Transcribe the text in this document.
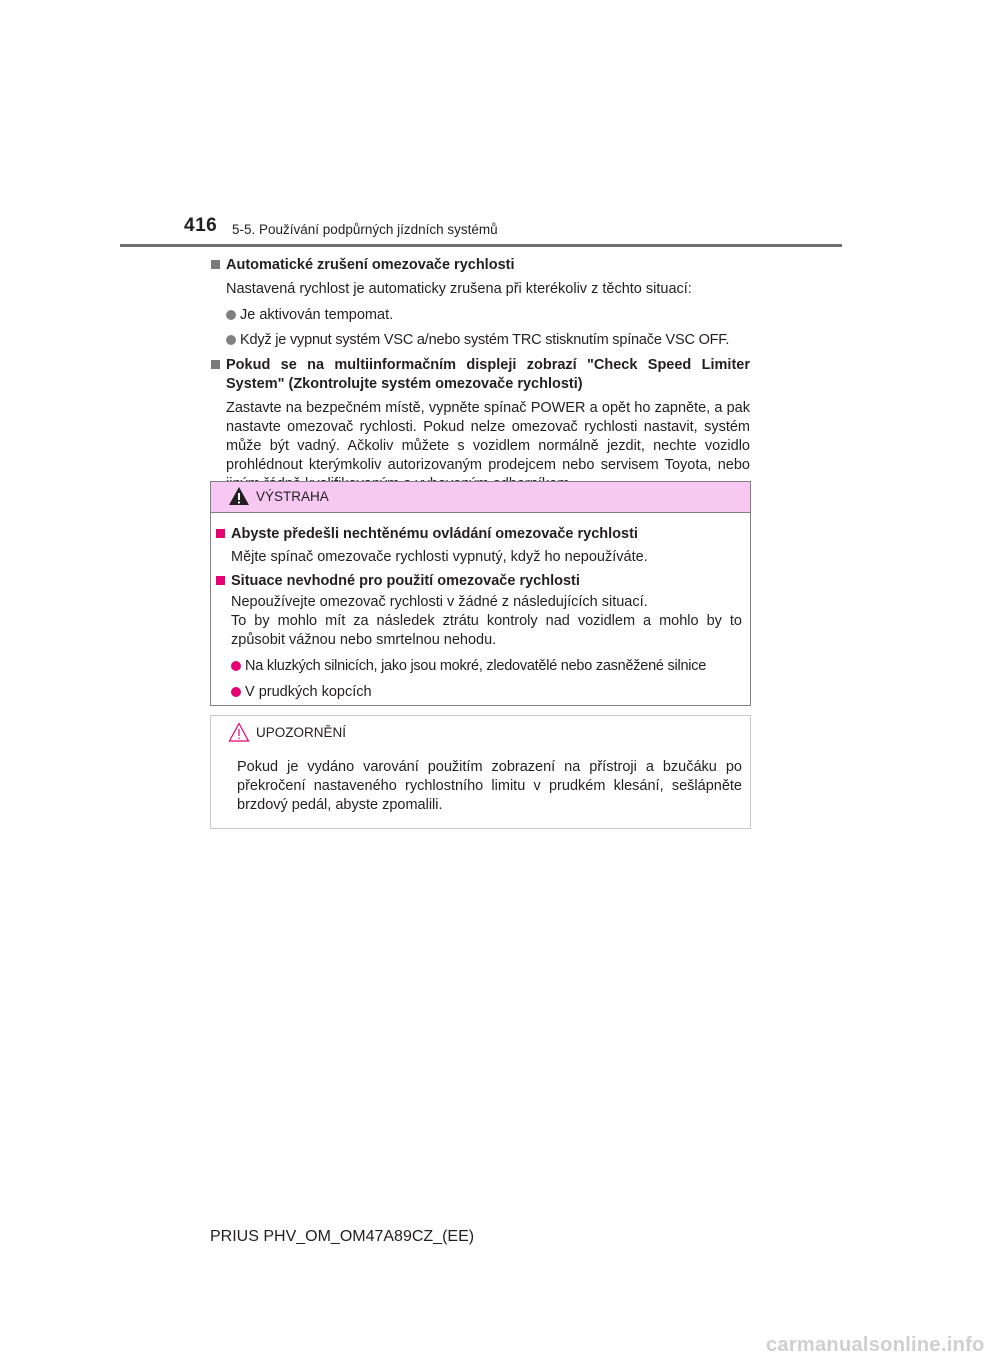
416 5-5. Používání podpůrných jízdních systémů
Automatické zrušení omezovače rychlosti
Nastavená rychlost je automaticky zrušena při kterékoliv z těchto situací:
Je aktivován tempomat.
Když je vypnut systém VSC a/nebo systém TRC stisknutím spínače VSC OFF.
Pokud se na multiinformačním displeji zobrazí "Check Speed Limiter System" (Zkontrolujte systém omezovače rychlosti)
Zastavte na bezpečném místě, vypněte spínač POWER a opět ho zapněte, a pak nastavte omezovač rychlosti. Pokud nelze omezovač rychlosti nastavit, systém může být vadný. Ačkoliv můžete s vozidlem normálně jezdit, nechte vozidlo prohlédnout kterýmkoliv autorizovaným prodejcem nebo servisem Toyota, nebo
VÝSTRAHA
Abyste předešli nechtěnému ovládání omezovače rychlosti
Mějte spínač omezovače rychlosti vypnutý, když ho nepoužíváte.
Situace nevhodné pro použití omezovače rychlosti
Nepoužívejte omezovač rychlosti v žádné z následujících situací.
To by mohlo mít za následek ztrátu kontroly nad vozidlem a mohlo by to způsobit vážnou nebo smrtelnou nehodu.
Na kluzkých silnicích, jako jsou mokré, zledovatělé nebo zasněžené silnice
V prudkých kopcích
UPOZORNĚNÍ
Pokud je vydáno varování použitím zobrazení na přístroji a bzučáku po překročení nastaveného rychlostního limitu v prudkém klesání, sešlápněte brzdový pedál, abyste zpomalili.
PRIUS PHV_OM_OM47A89CZ_(EE)
carmanualsonline.info
